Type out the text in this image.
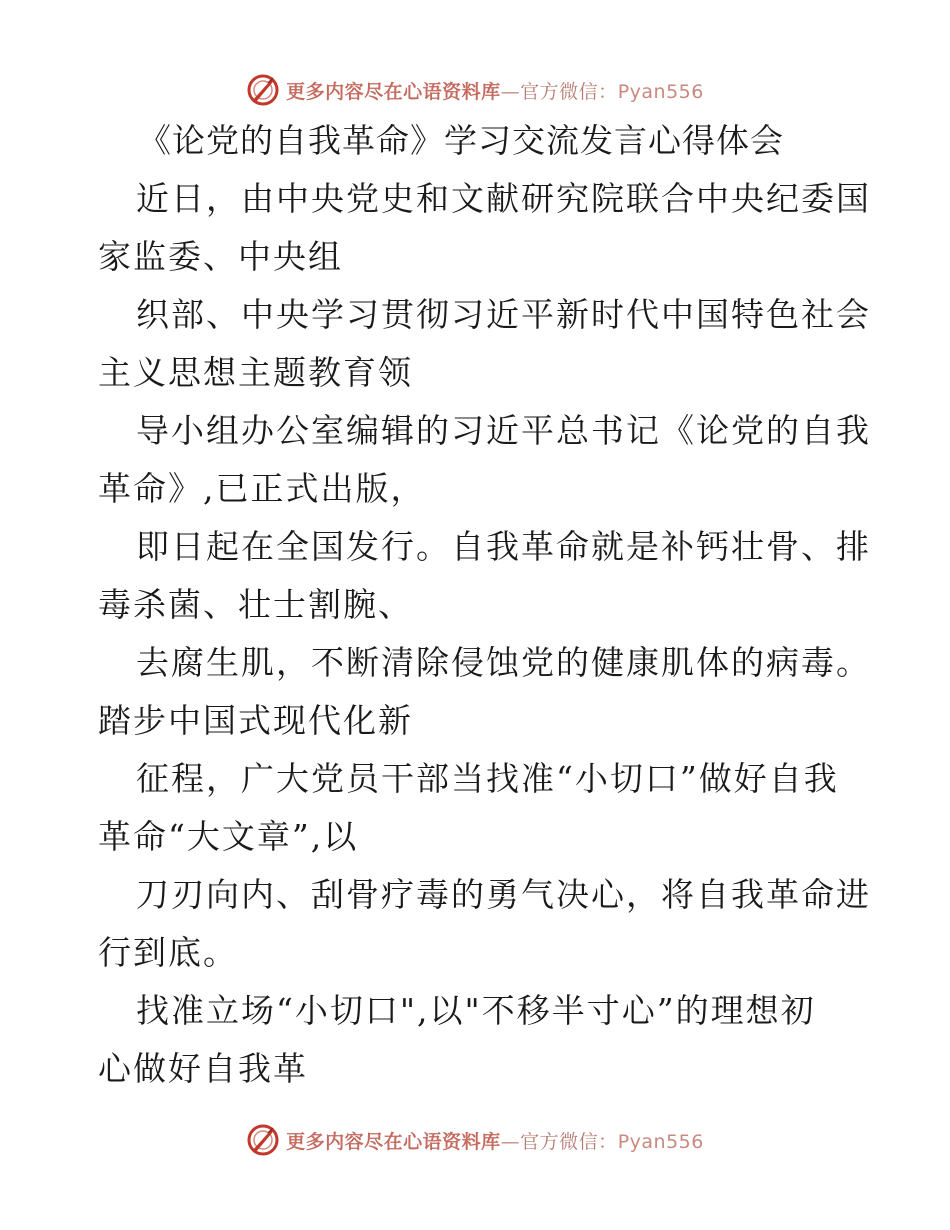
更多内容尽在心语资料库—官方微信：Pyan556
《论党的自我革命》学习交流发言心得体会
近日，由中央党史和文献研究院联合中央纪委国
家监委、中央组
织部、中央学习贯彻习近平新时代中国特色社会
主义思想主题教育领
导小组办公室编辑的习近平总书记《论党的自我
革命》,已正式出版，
即日起在全国发行。自我革命就是补钙壮骨、排
毒杀菌、壮士割腕、
去腐生肌，不断清除侵蚀党的健康肌体的病毒。
踏步中国式现代化新
征程，广大党员干部当找准“小切口”做好自我
革命“大文章”,以
刀刃向内、刮骨疗毒的勇气决心，将自我革命进
行到底。
找准立场“小切口",以"不移半寸心”的理想初
心做好自我革
更多内容尽在心语资料库—官方微信：Pyan556
